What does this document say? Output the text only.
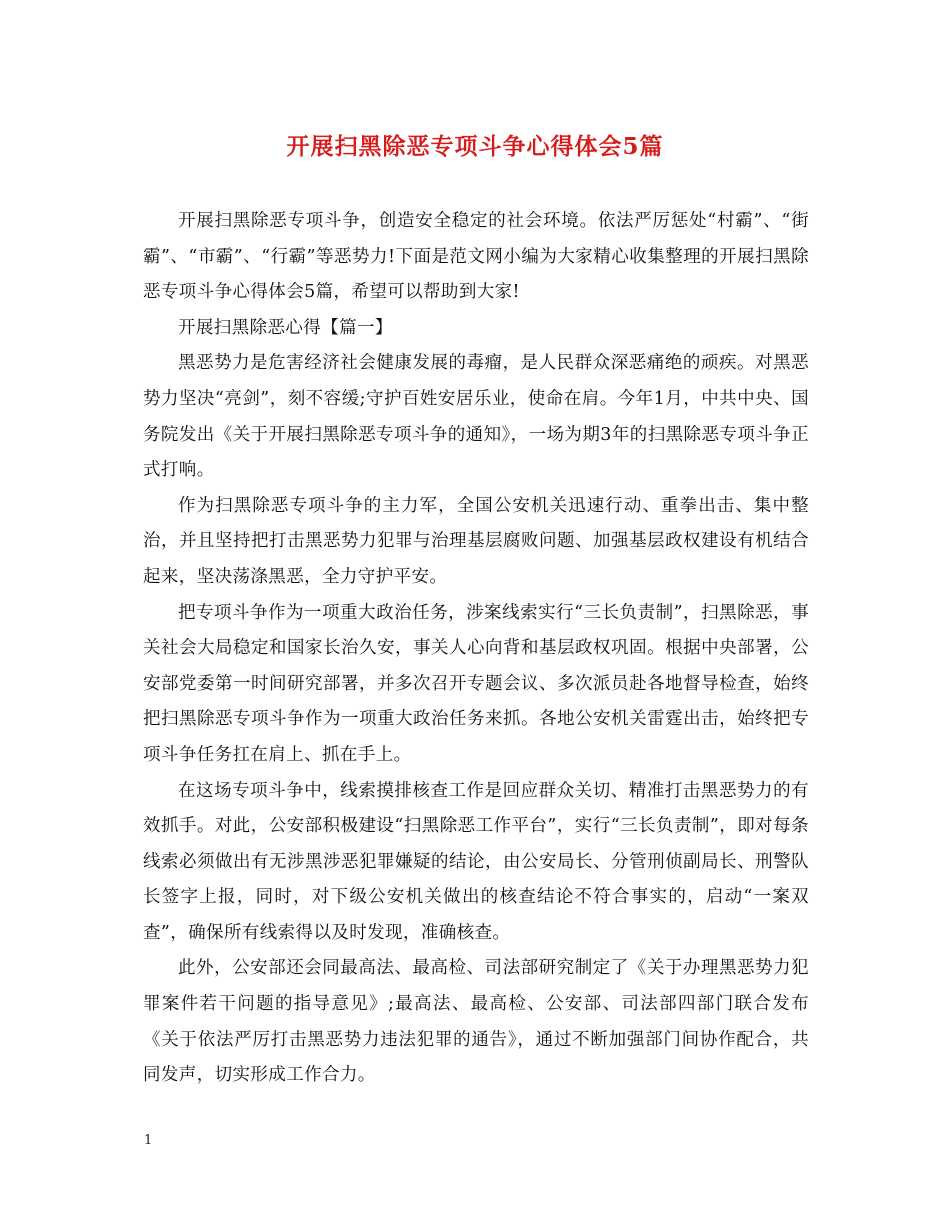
开展扫黑除恶专项斗争心得体会5篇

开展扫黑除恶专项斗争，创造安全稳定的社会环境。依法严厉惩处“村霸”、“街霸”、“市霸”、“行霸”等恶势力!下面是范文网小编为大家精心收集整理的开展扫黑除恶专项斗争心得体会5篇，希望可以帮助到大家!

开展扫黑除恶心得【篇一】

黑恶势力是危害经济社会健康发展的毒瘤，是人民群众深恶痛绝的顽疾。对黑恶势力坚决“亮剑”，刻不容缓;守护百姓安居乐业，使命在肩。今年1月，中共中央、国务院发出《关于开展扫黑除恶专项斗争的通知》，一场为期3年的扫黑除恶专项斗争正式打响。

作为扫黑除恶专项斗争的主力军，全国公安机关迅速行动、重拳出击、集中整治，并且坚持把打击黑恶势力犯罪与治理基层腐败问题、加强基层政权建设有机结合起来，坚决荡涤黑恶，全力守护平安。

把专项斗争作为一项重大政治任务，涉案线索实行“三长负责制”，扫黑除恶，事关社会大局稳定和国家长治久安，事关人心向背和基层政权巩固。根据中央部署，公安部党委第一时间研究部署，并多次召开专题会议、多次派员赴各地督导检查，始终把扫黑除恶专项斗争作为一项重大政治任务来抓。各地公安机关雷霆出击，始终把专项斗争任务扛在肩上、抓在手上。

在这场专项斗争中，线索摸排核查工作是回应群众关切、精准打击黑恶势力的有效抓手。对此，公安部积极建设“扫黑除恶工作平台”，实行“三长负责制”，即对每条线索必须做出有无涉黑涉恶犯罪嫌疑的结论，由公安局长、分管刑侦副局长、刑警队长签字上报，同时，对下级公安机关做出的核查结论不符合事实的，启动“一案双查”，确保所有线索得以及时发现，准确核查。

此外，公安部还会同最高法、最高检、司法部研究制定了《关于办理黑恶势力犯罪案件若干问题的指导意见》;最高法、最高检、公安部、司法部四部门联合发布《关于依法严厉打击黑恶势力违法犯罪的通告》，通过不断加强部门间协作配合，共同发声，切实形成工作合力。

1
